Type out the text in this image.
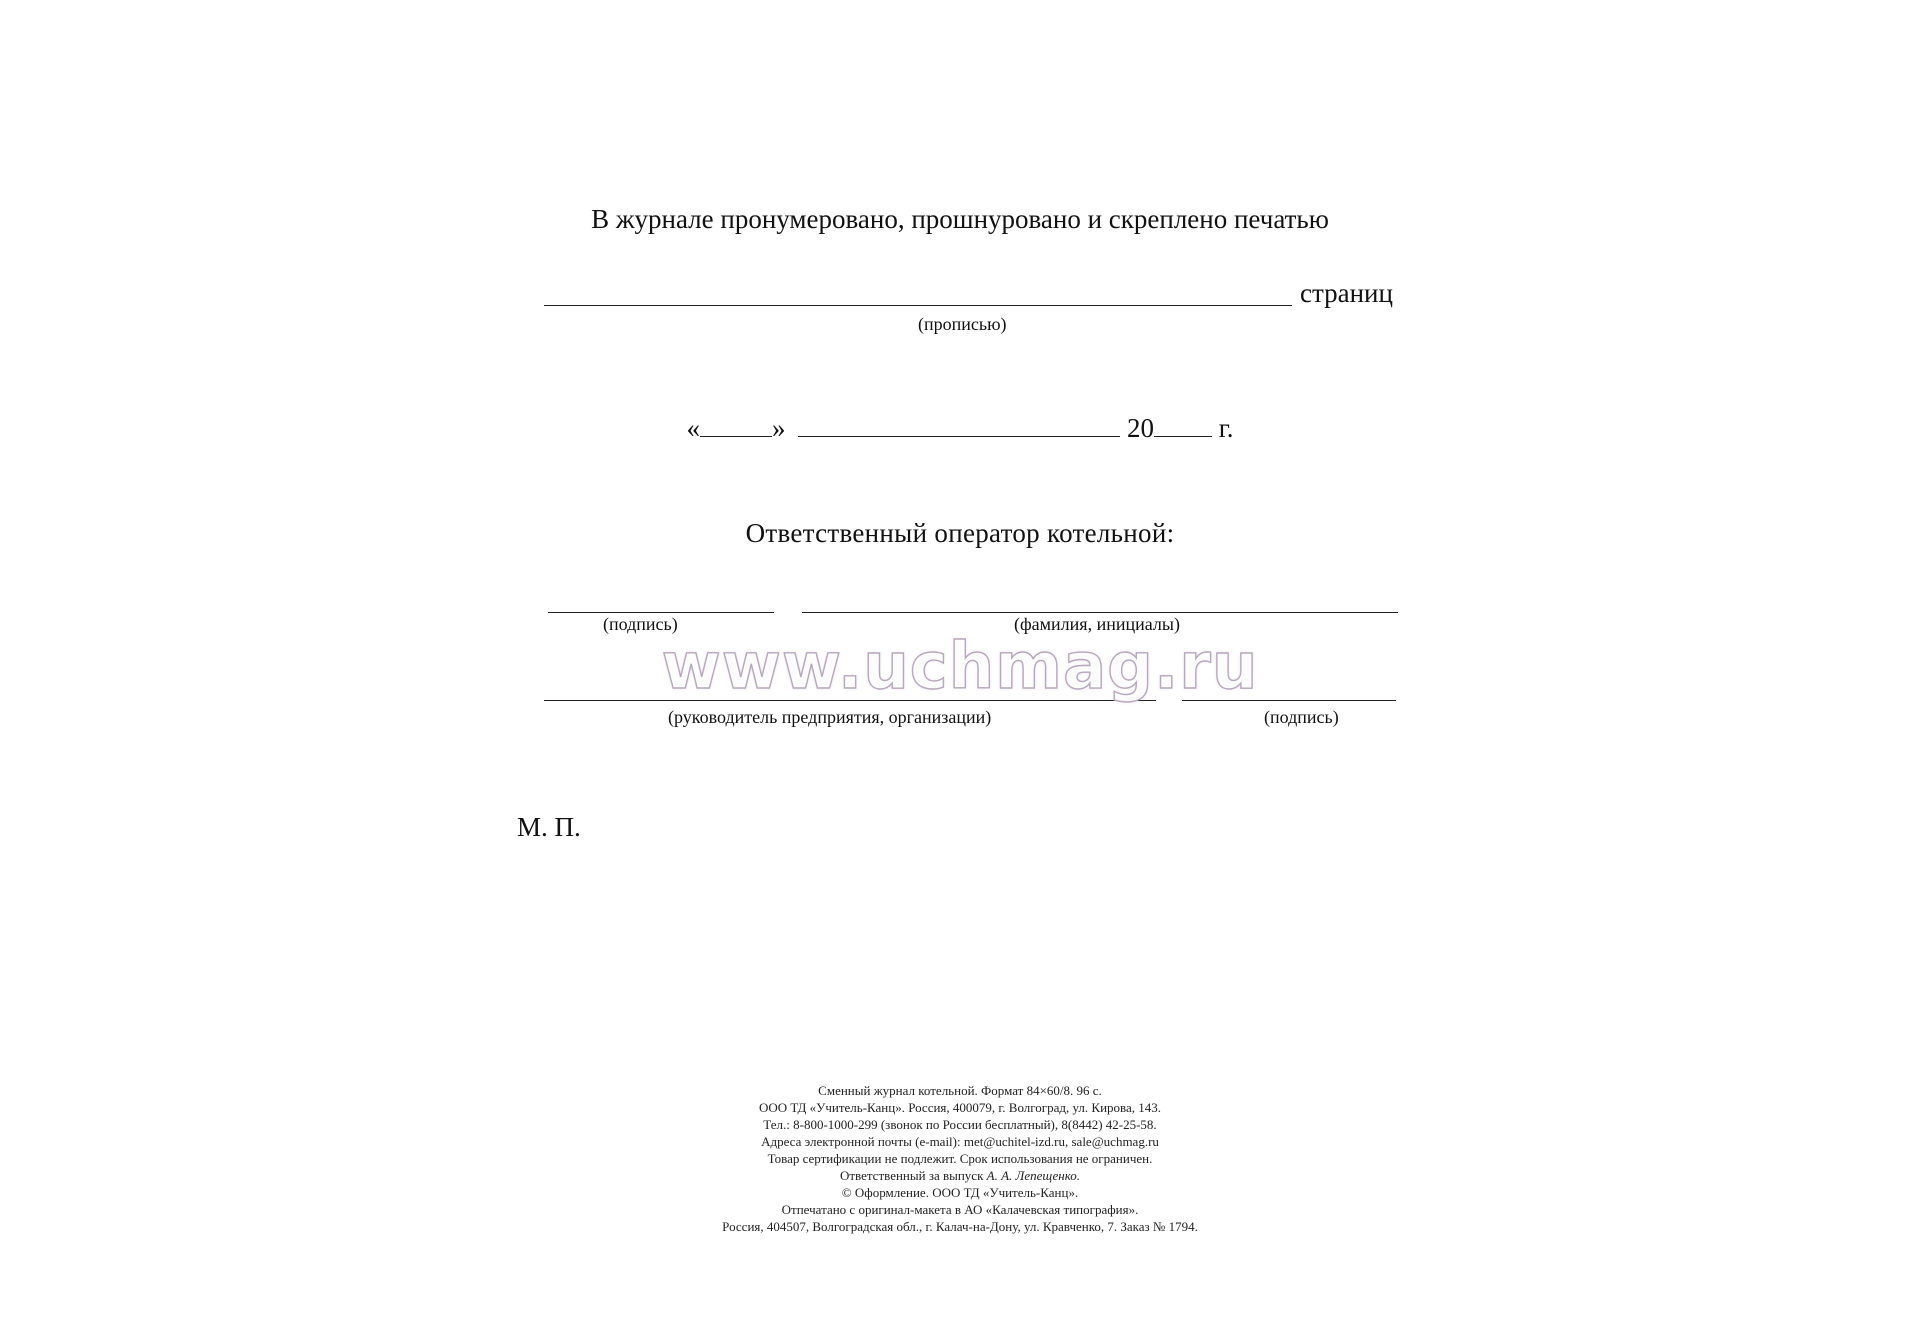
В журнале пронумеровано, прошнуровано и скреплено печатью
страниц
(прописью)
«	»	20 г.
Ответственный оператор котельной:
(подпись)	(фамилия, инициалы)
(руководитель предприятия, организации)	(подпись)
www.uchmag.ru
М. П.
Сменный журнал котельной. Формат 84×60/8. 96 с.
ООО ТД «Учитель-Канц». Россия, 400079, г. Волгоград, ул. Кирова, 143.
Тел.: 8-800-1000-299 (звонок по России бесплатный), 8(8442) 42-25-58.
Адреса электронной почты (e-mail): met@uchitel-izd.ru, sale@uchmag.ru
Товар сертификации не подлежит. Срок использования не ограничен.
Ответственный за выпуск А. А. Лепещенко.
© Оформление. ООО ТД «Учитель-Канц».
Отпечатано с оригинал-макета в АО «Калачевская типография».
Россия, 404507, Волгоградская обл., г. Калач-на-Дону, ул. Кравченко, 7. Заказ № 1794.
